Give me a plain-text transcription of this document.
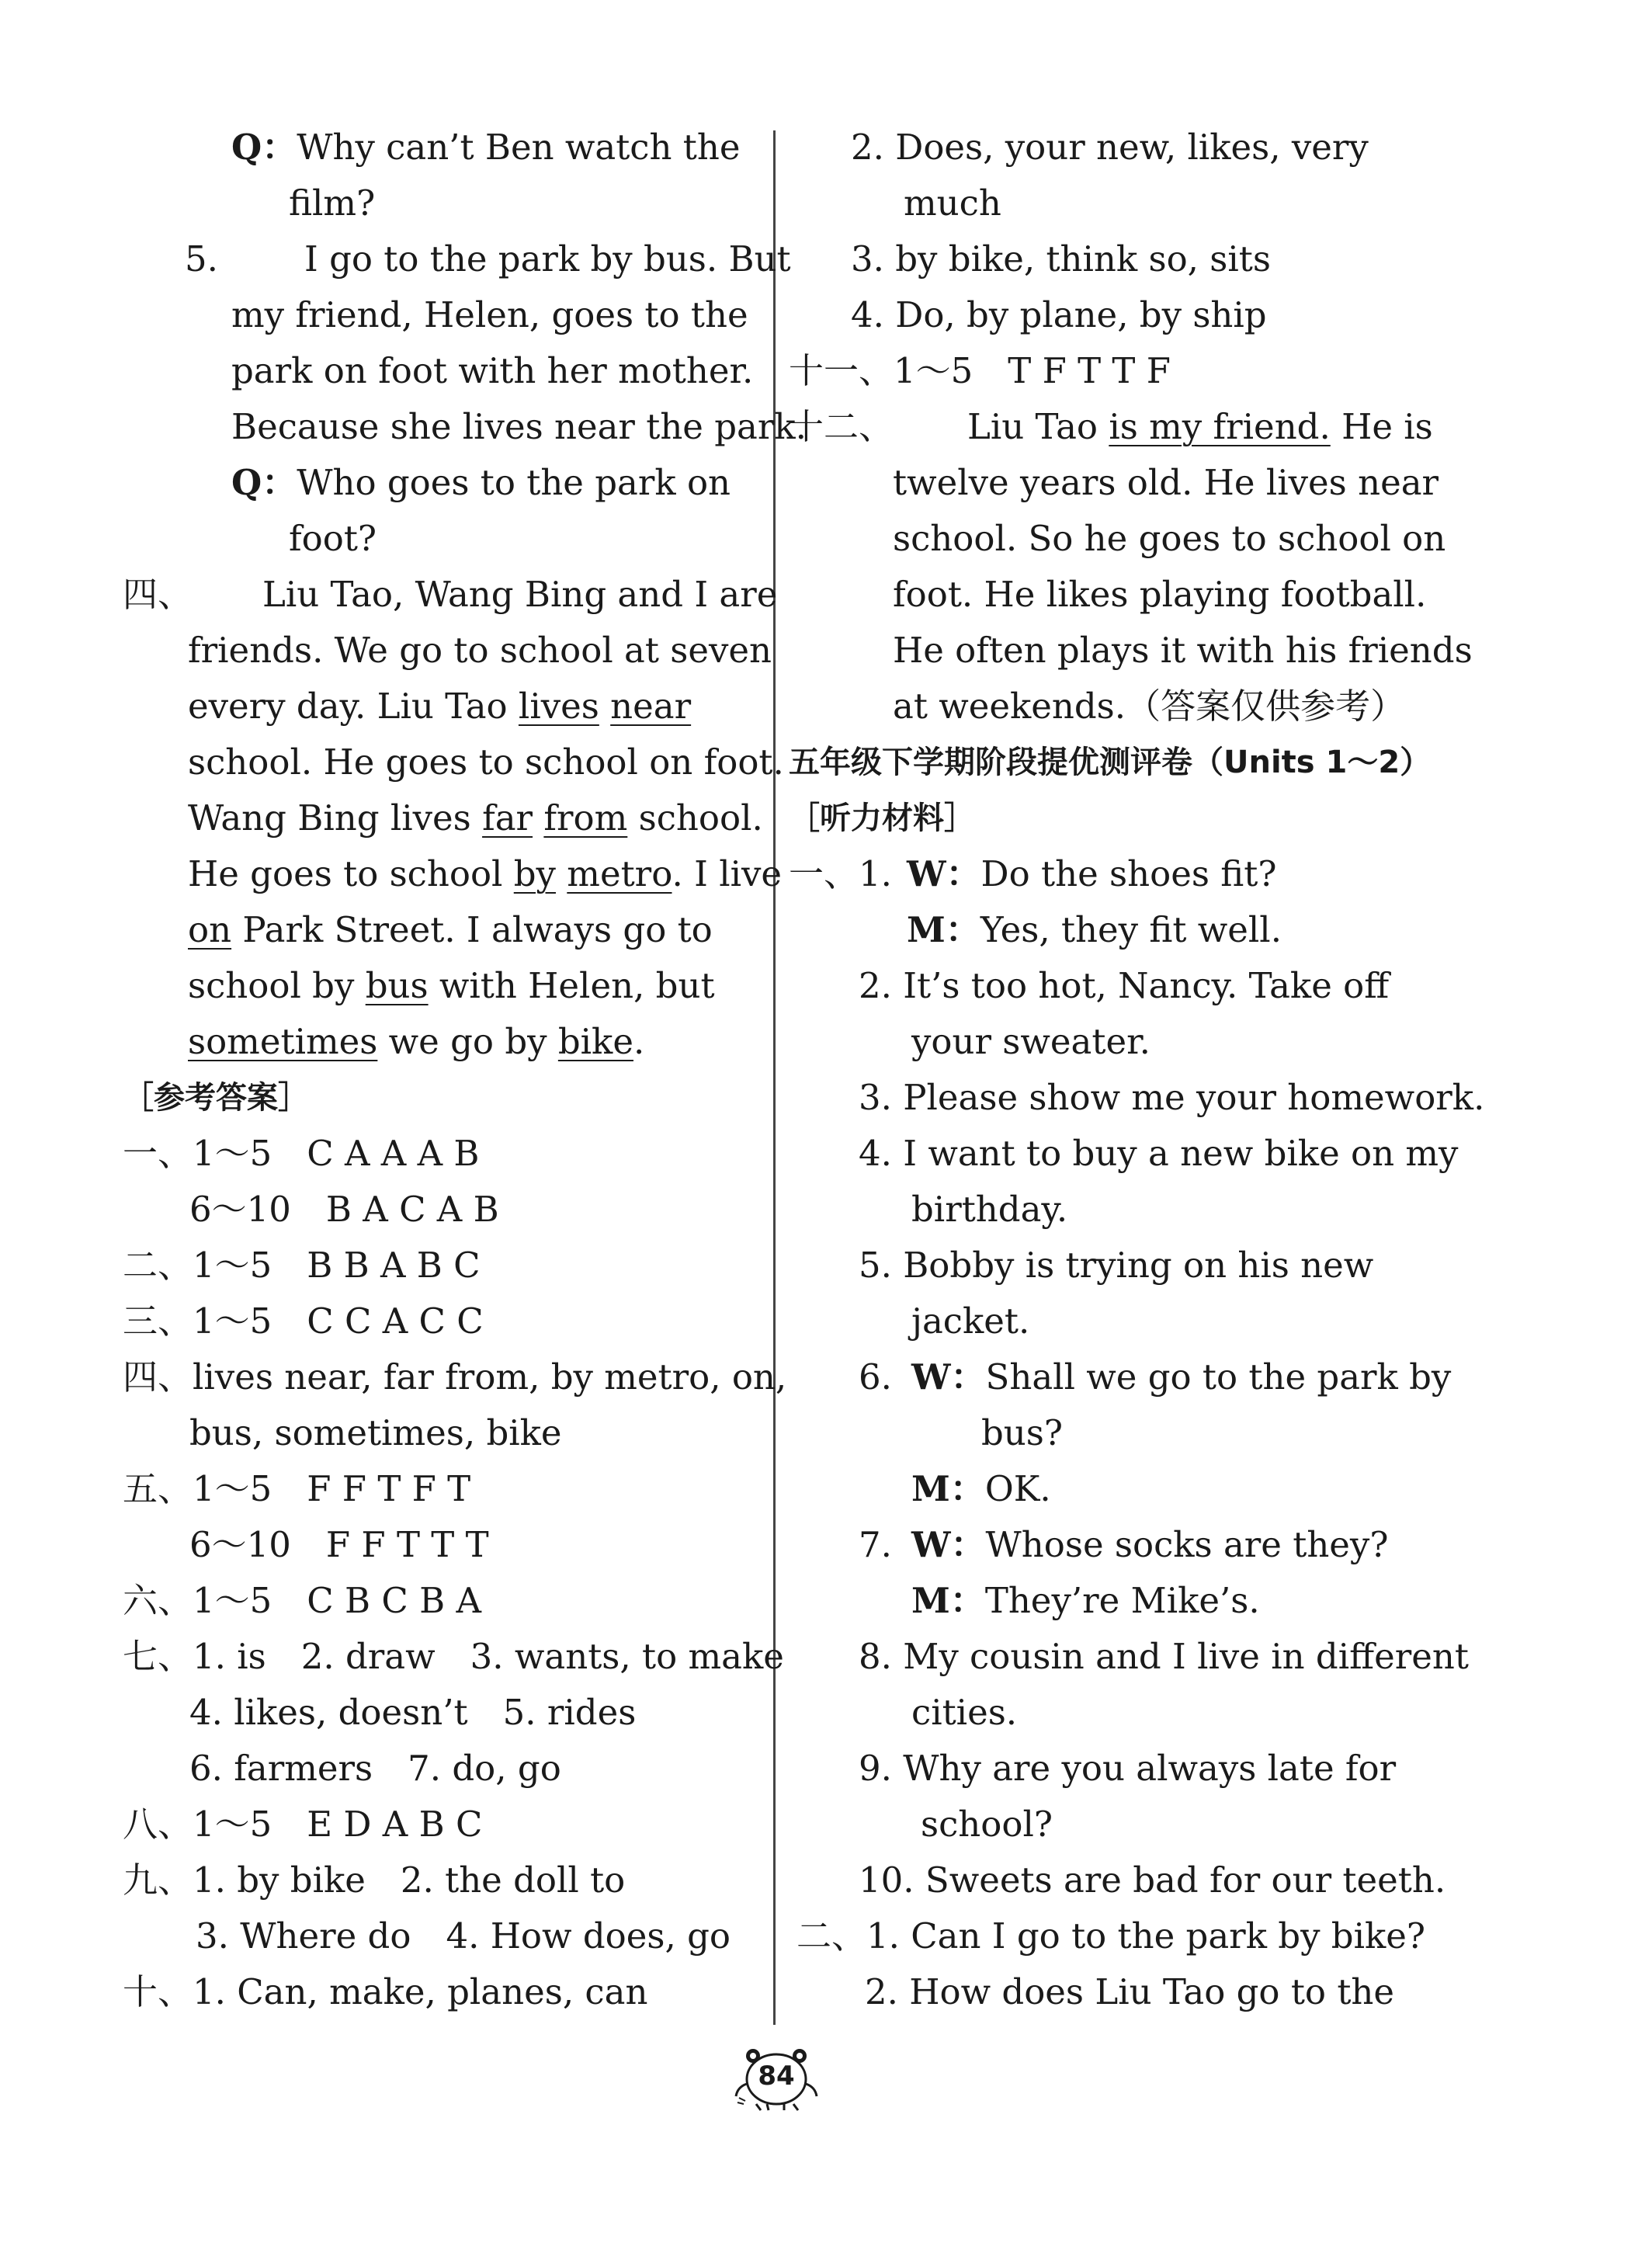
Q：Why can’t Ben watch the
film?
5. I go to the park by bus. But
my friend, Helen, goes to the
park on foot with her mother.
Because she lives near the park.
Q：Who goes to the park on
foot?
四、 Liu Tao, Wang Bing and I are
friends. We go to school at seven
every day. Liu Tao lives near
school. He goes to school on foot.
Wang Bing lives far from school.
He goes to school by metro. I live
on Park Street. I always go to
school by bus with Helen, but
sometimes we go by bike.
［参考答案］
一、1～5　C A A A B
6～10　B A C A B
二、1～5　B B A B C
三、1～5　C C A C C
四、lives near, far from, by metro, on,
bus, sometimes, bike
五、1～5　F F T F T
6～10　F F T T T
六、1～5　C B C B A
七、1. is　2. draw　3. wants, to make
4. likes, doesn’t　5. rides
6. farmers　7. do, go
八、1～5　E D A B C
九、1. by bike　2. the doll to
3. Where do　4. How does, go
十、1. Can, make, planes, can
2. Does, your new, likes, very
much
3. by bike, think so, sits
4. Do, by plane, by ship
十一、1～5　T F T T F
十二、 Liu Tao is my friend. He is
twelve years old. He lives near
school. So he goes to school on
foot. He likes playing football.
He often plays it with his friends
at weekends.（答案仅供参考）
五年级下学期阶段提优测评卷（Units 1～2）
［听力材料］
一、1. W：Do the shoes fit?
M：Yes, they fit well.
2. It’s too hot, Nancy. Take off
your sweater.
3. Please show me your homework.
4. I want to buy a new bike on my
birthday.
5. Bobby is trying on his new
jacket.
6. W：Shall we go to the park by
bus?
M：OK.
7. W：Whose socks are they?
M：They’re Mike’s.
8. My cousin and I live in different
cities.
9. Why are you always late for
school?
10. Sweets are bad for our teeth.
二、1. Can I go to the park by bike?
2. How does Liu Tao go to the
84
